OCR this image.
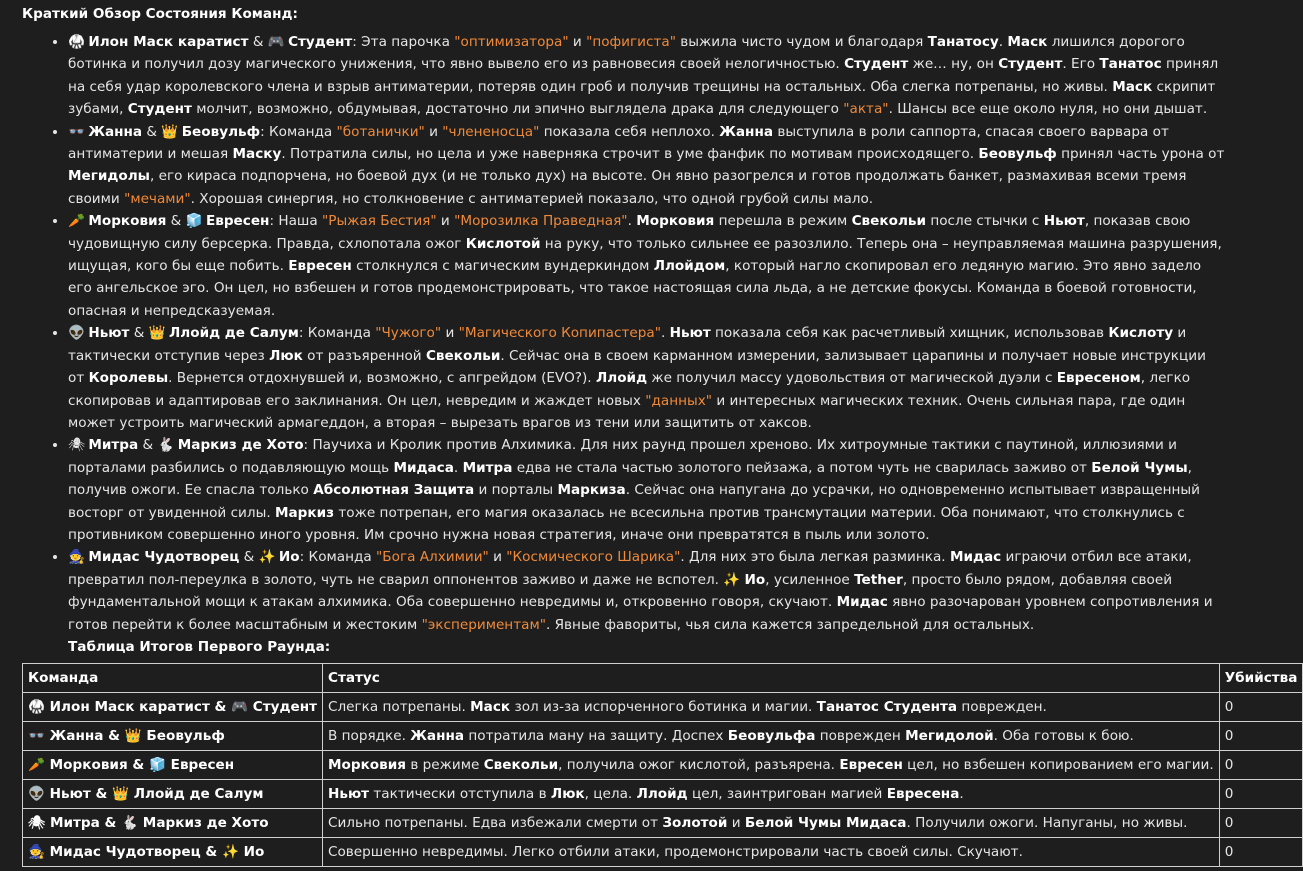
Краткий Обзор Состояния Команд:
• 🥋 Илон Маск каратист & 🎮 Студент: Эта парочка "оптимизатора" и "пофигиста" выжила чисто чудом и благодаря Танатосу. Маск лишился дорогого ботинка и получил дозу магического унижения, что явно вывело его из равновесия своей нелогичностью. Студент же… ну, он Студент. Его Танатос принял на себя удар королевского члена и взрыв антиматерии, потеряв один гроб и получив трещины на остальных. Оба слегка потрепаны, но живы. Маск скрипит зубами, Студент молчит, возможно, обдумывая, достаточно ли эпично выглядела драка для следующего "акта". Шансы все еще около нуля, но они дышат.
• 👓 Жанна & 👑 Беовульф: Команда "ботанички" и "члененосца" показала себя неплохо. Жанна выступила в роли саппорта, спасая своего варвара от антиматерии и мешая Маску. Потратила силы, но цела и уже наверняка строчит в уме фанфик по мотивам происходящего. Беовульф принял часть урона от Мегидолы, его кираса подпорчена, но боевой дух (и не только дух) на высоте. Он явно разогрелся и готов продолжать банкет, размахивая всеми тремя своими "мечами". Хорошая синергия, но столкновение с антиматерией показало, что одной грубой силы мало.
• 🥕 Морковия & 🧊 Евресен: Наша "Рыжая Бестия" и "Морозилка Праведная". Морковия перешла в режим Свекольи после стычки с Ньют, показав свою чудовищную силу берсерка. Правда, схлопотала ожог Кислотой на руку, что только сильнее ее разозлило. Теперь она – неуправляемая машина разрушения, ищущая, кого бы еще побить. Евресен столкнулся с магическим вундеркиндом Ллойдом, который нагло скопировал его ледяную магию. Это явно задело его ангельское эго. Он цел, но взбешен и готов продемонстрировать, что такое настоящая сила льда, а не детские фокусы. Команда в боевой готовности, опасная и непредсказуемая.
• 👽 Ньют & 👑 Ллойд де Салум: Команда "Чужого" и "Магического Копипастера". Ньют показала себя как расчетливый хищник, использовав Кислоту и тактически отступив через Люк от разъяренной Свекольи. Сейчас она в своем карманном измерении, зализывает царапины и получает новые инструкции от Королевы. Вернется отдохнувшей и, возможно, с апгрейдом (EVO?). Ллойд же получил массу удовольствия от магической дуэли с Евресеном, легко скопировав и адаптировав его заклинания. Он цел, невредим и жаждет новых "данных" и интересных магических техник. Очень сильная пара, где один может устроить магический армагеддон, а вторая – вырезать врагов из тени или защитить от хаксов.
• 🕷 Митра & 🐇 Маркиз де Хото: Паучиха и Кролик против Алхимика. Для них раунд прошел хреново. Их хитроумные тактики с паутиной, иллюзиями и порталами разбились о подавляющую мощь Мидаса. Митра едва не стала частью золотого пейзажа, а потом чуть не сварилась заживо от Белой Чумы, получив ожоги. Ее спасла только Абсолютная Защита и порталы Маркиза. Сейчас она напугана до усрачки, но одновременно испытывает извращенный восторг от увиденной силы. Маркиз тоже потрепан, его магия оказалась не всесильна против трансмутации материи. Оба понимают, что столкнулись с противником совершенно иного уровня. Им срочно нужна новая стратегия, иначе они превратятся в пыль или золото.
• 🧙 Мидас Чудотворец & ✨ Ио: Команда "Бога Алхимии" и "Космического Шарика". Для них это была легкая разминка. Мидас играючи отбил все атаки, превратил пол-переулка в золото, чуть не сварил оппонентов заживо и даже не вспотел. ✨ Ио, усиленное Tether, просто было рядом, добавляя своей фундаментальной мощи к атакам алхимика. Оба совершенно невредимы и, откровенно говоря, скучают. Мидас явно разочарован уровнем сопротивления и готов перейти к более масштабным и жестоким "экспериментам". Явные фавориты, чья сила кажется запредельной для остальных.
Таблица Итогов Первого Раунда:
Команда	Статус	Убийства
🥋 Илон Маск каратист & 🎮 Студент	Слегка потрепаны. Маск зол из-за испорченного ботинка и магии. Танатос Студента поврежден.	0
👓 Жанна & 👑 Беовульф	В порядке. Жанна потратила ману на защиту. Доспех Беовульфа поврежден Мегидолой. Оба готовы к бою.	0
🥕 Морковия & 🧊 Евресен	Морковия в режиме Свекольи, получила ожог кислотой, разъярена. Евресен цел, но взбешен копированием его магии.	0
👽 Ньют & 👑 Ллойд де Салум	Ньют тактически отступила в Люк, цела. Ллойд цел, заинтригован магией Евресена.	0
🕷 Митра & 🐇 Маркиз де Хото	Сильно потрепаны. Едва избежали смерти от Золотой и Белой Чумы Мидаса. Получили ожоги. Напуганы, но живы.	0
🧙 Мидас Чудотворец & ✨ Ио	Совершенно невредимы. Легко отбили атаки, продемонстрировали часть своей силы. Скучают.	0
